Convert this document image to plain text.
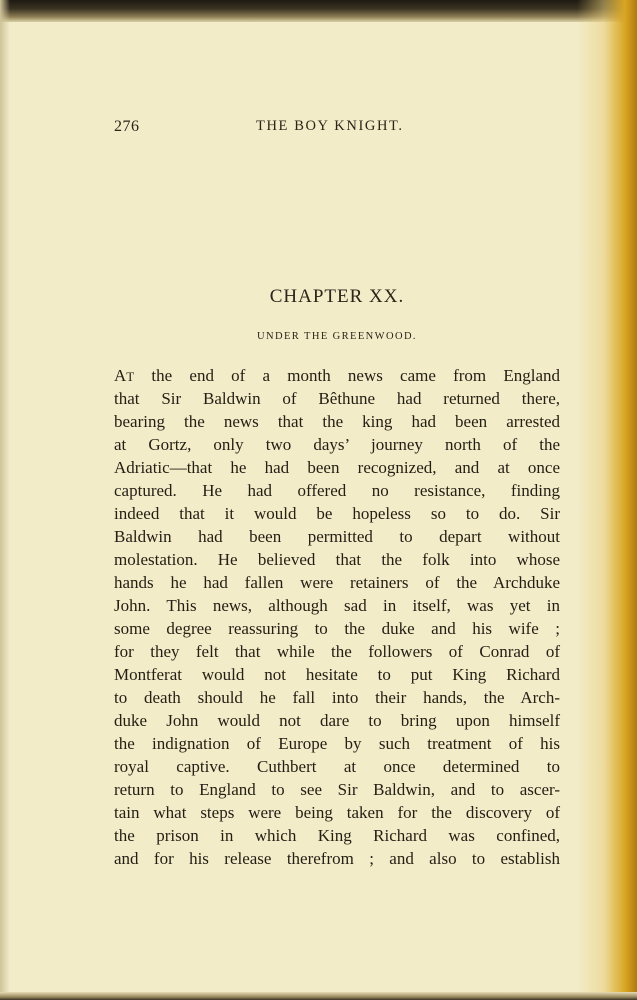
276	THE BOY KNIGHT.
CHAPTER XX.
UNDER THE GREENWOOD.
AT the end of a month news came from England
that Sir Baldwin of Bêthune had returned there,
bearing the news that the king had been arrested
at Gortz, only two days’ journey north of the
Adriatic—that he had been recognized, and at once
captured. He had offered no resistance, finding
indeed that it would be hopeless so to do. Sir
Baldwin had been permitted to depart without
molestation. He believed that the folk into whose
hands he had fallen were retainers of the Archduke
John. This news, although sad in itself, was yet in
some degree reassuring to the duke and his wife ;
for they felt that while the followers of Conrad of
Montferat would not hesitate to put King Richard
to death should he fall into their hands, the Arch-
duke John would not dare to bring upon himself
the indignation of Europe by such treatment of his
royal captive. Cuthbert at once determined to
return to England to see Sir Baldwin, and to ascer-
tain what steps were being taken for the discovery of
the prison in which King Richard was confined,
and for his release therefrom ; and also to establish
